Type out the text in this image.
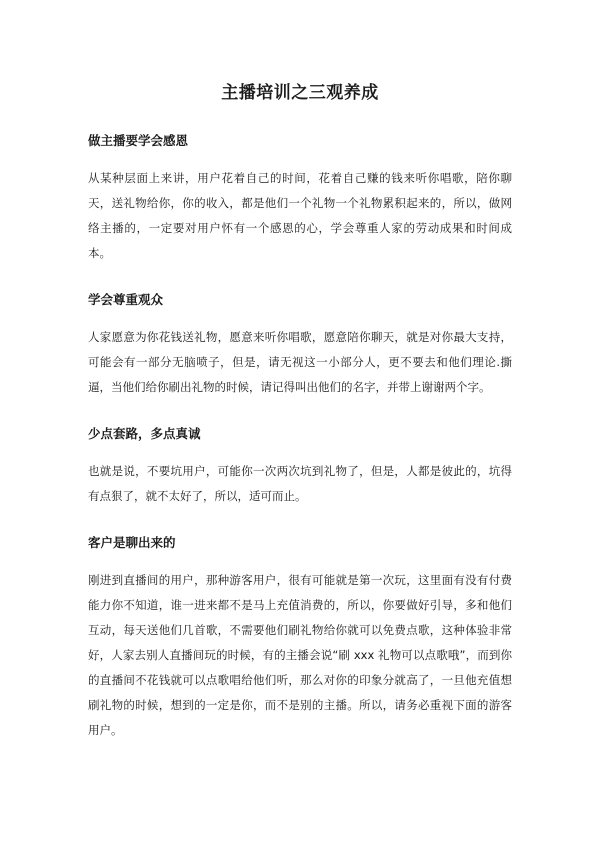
主播培训之三观养成
做主播要学会感恩

从某种层面上来讲，用户花着自己的时间，花着自己赚的钱来听你唱歌，陪你聊天，送礼物给你，你的收入，都是他们一个礼物一个礼物累积起来的，所以，做网络主播的，一定要对用户怀有一个感恩的心，学会尊重人家的劳动成果和时间成本。

学会尊重观众

人家愿意为你花钱送礼物，愿意来听你唱歌，愿意陪你聊天，就是对你最大支持，可能会有一部分无脑喷子，但是，请无视这一小部分人，更不要去和他们理论.撕逼，当他们给你刷出礼物的时候，请记得叫出他们的名字，并带上谢谢两个字。

少点套路，多点真诚

也就是说，不要坑用户，可能你一次两次坑到礼物了，但是，人都是彼此的，坑得有点狠了，就不太好了，所以，适可而止。

客户是聊出来的

刚进到直播间的用户，那种游客用户，很有可能就是第一次玩，这里面有没有付费能力你不知道，谁一进来都不是马上充值消费的，所以，你要做好引导，多和他们互动，每天送他们几首歌，不需要他们刷礼物给你就可以免费点歌，这种体验非常好，人家去别人直播间玩的时候，有的主播会说“刷 xxx 礼物可以点歌哦”，而到你的直播间不花钱就可以点歌唱给他们听，那么对你的印象分就高了，一旦他充值想刷礼物的时候，想到的一定是你，而不是别的主播。所以，请务必重视下面的游客用户。
